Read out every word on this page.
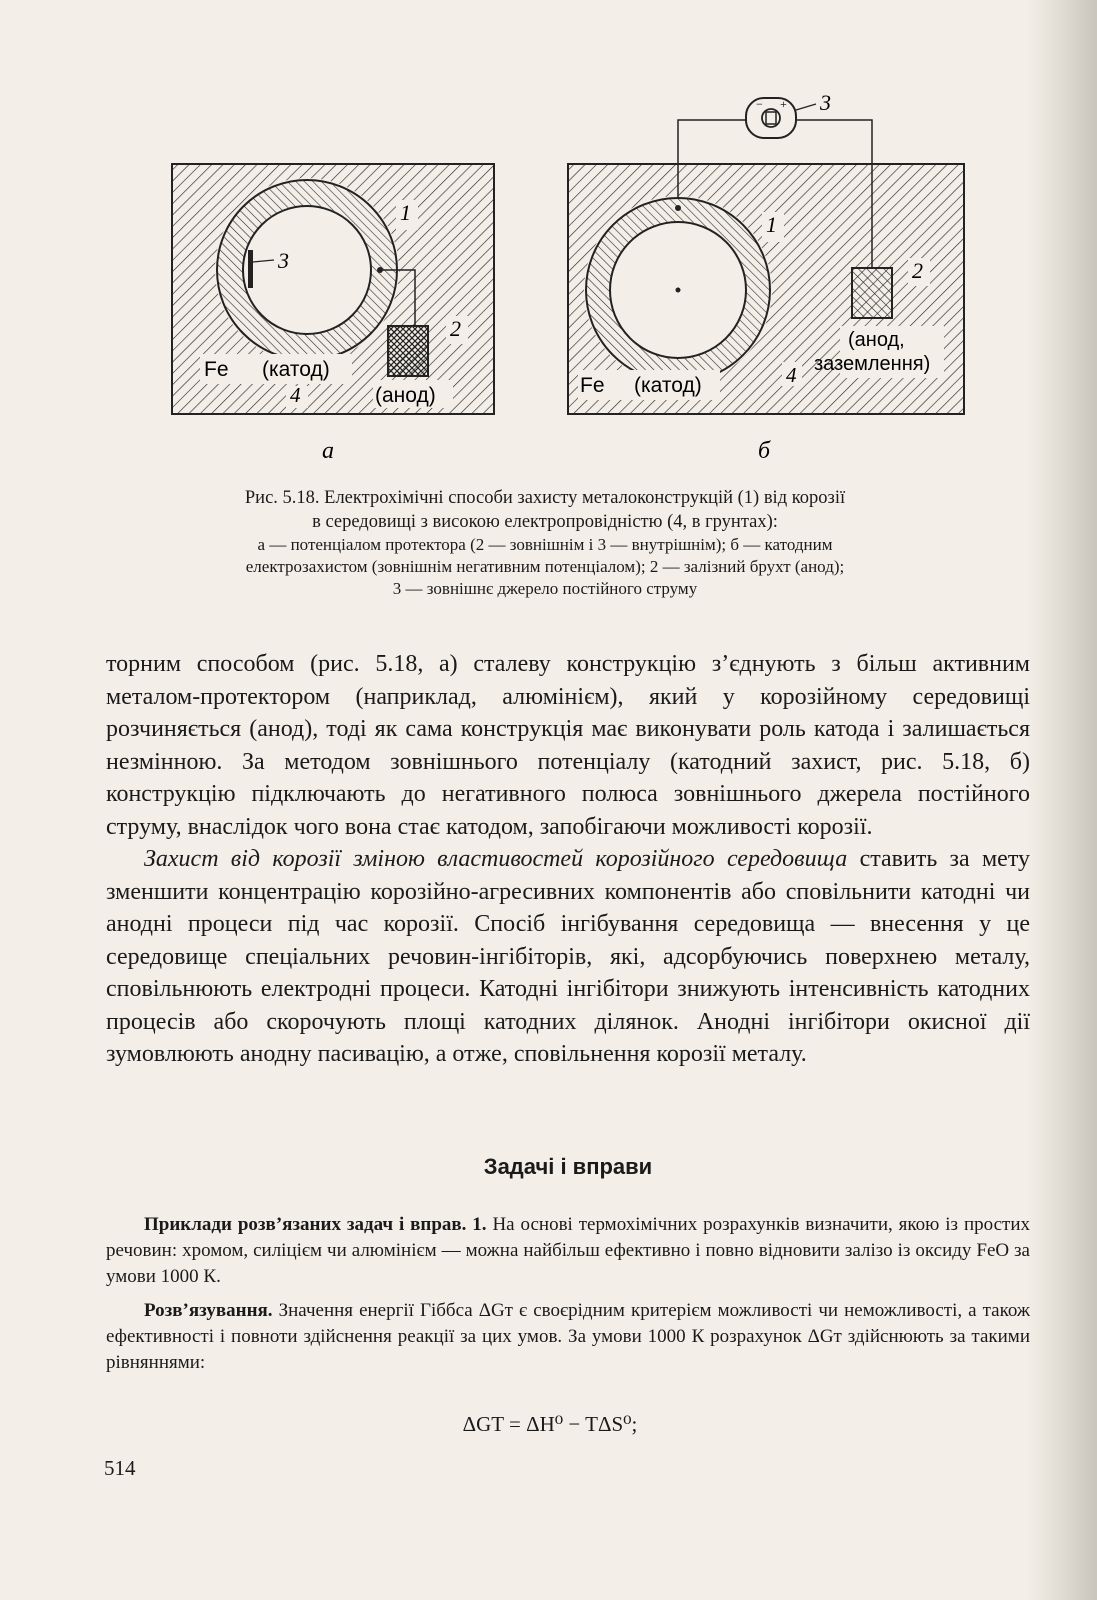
1
3
2
Fe (катод)
4	(анод)
− + 3
1
2
(анод,
заземлення)
4
Fe (катод)
а	б
Рис. 5.18. Електрохімічні способи захисту металоконструкцій (1) від корозії
в середовищі з високою електропровідністю (4, в грунтах):
а — потенціалом протектора (2 — зовнішнім і 3 — внутрішнім); б — катодним
електрозахистом (зовнішнім негативним потенціалом); 2 — залізний брухт (анод);
3 — зовнішнє джерело постійного струму

торним способом (рис. 5.18, а) сталеву конструкцію з’єднують з більш активним металом-протектором (наприклад, алюмінієм), який у корозійному середовищі розчиняється (анод), тоді як сама конструкція має виконувати роль катода і залишається незмінною. За методом зовнішнього потенціалу (катодний захист, рис. 5.18, б) конструкцію підключають до негативного полюса зовнішнього джерела постійного струму, внаслідок чого вона стає катодом, запобігаючи можливості корозії.

Захист від корозії зміною властивостей корозійного середовища ставить за мету зменшити концентрацію корозійно-агресивних компонентів або сповільнити катодні чи анодні процеси під час корозії. Спосіб інгібування середовища — внесення у це середовище спеціальних речовин-інгібіторів, які, адсорбуючись поверхнею металу, сповільнюють електродні процеси. Катодні інгібітори знижують інтенсивність катодних процесів або скорочують площі катодних ділянок. Анодні інгібітори окисної дії зумовлюють анодну пасивацію, а отже, сповільнення корозії металу.

Задачі і вправи

Приклади розв’язаних задач і вправ. 1. На основі термохімічних розрахунків визначити, якою із простих речовин: хромом, силіцієм чи алюмінієм — можна найбільш ефективно і повно відновити залізо із оксиду FeO за умови 1000 К.

Розв’язування. Значення енергії Гіббса ΔGт є своєрідним критерієм можливості чи неможливості, а також ефективності і повноти здійснення реакції за цих умов. За умови 1000 К розрахунок ΔGт здійснюють за такими рівняннями:

ΔGT = ΔH⁰ − TΔS⁰;
514
